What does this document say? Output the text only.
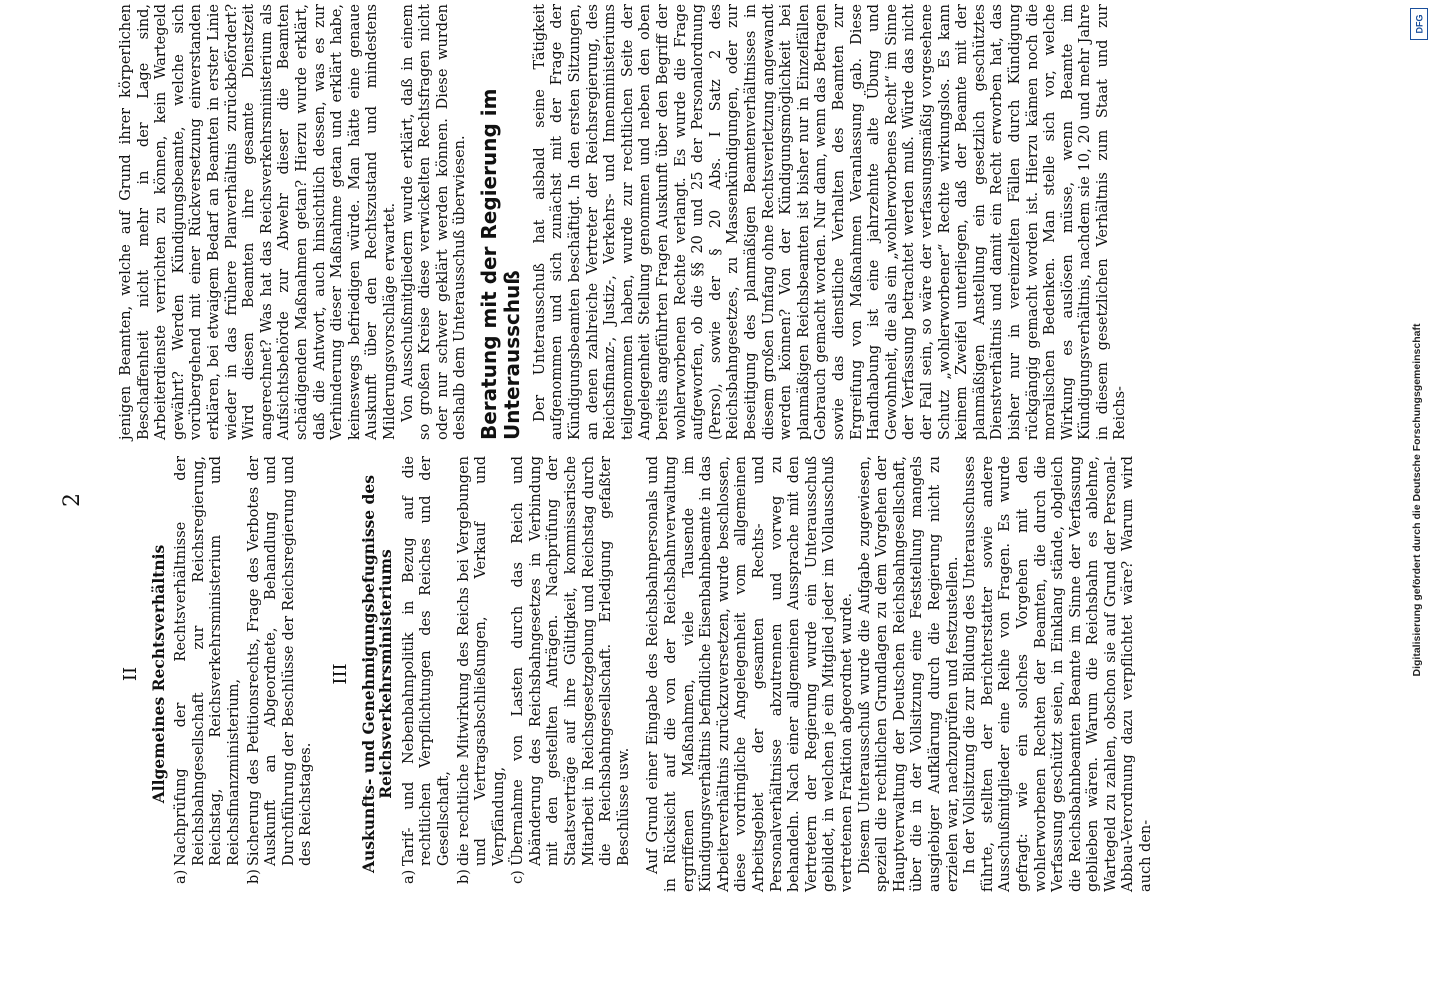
2
II Allgemeines Rechtsverhältnis
a)Nachprüfung der Rechtsverhältnisse der Reichsbahngesellschaft zur Reichsregierung, Reichstag, Reichsverkehrsministerium und Reichsfinanzministerium,
b)Sicherung des Petitionsrechts, Frage des Verbotes der Auskunft an Abgeordnete, Behandlung und Durchführung der Beschlüsse der Reichsregierung und des Reichstages.
III Auskunfts- und Genehmigungsbefugnisse des Reichsverkehrsministeriums
a)Tarif- und Nebenbahnpolitik in Bezug auf die rechtlichen Verpflichtungen des Reiches und der Gesellschaft,
b)die rechtliche Mitwirkung des Reichs bei Vergebungen und Vertragsabschließungen, Verkauf und Verpfändung,
c)Übernahme von Lasten durch das Reich und Abänderung des Reichsbahngesetzes in Verbindung mit den gestellten Anträgen. Nachprüfung der Staatsverträge auf ihre Gültigkeit, kommissarische Mitarbeit in Reichsgesetzgebung und Reichstag durch die Reichsbahngesellschaft. Erledigung gefaßter Beschlüsse usw. Auf Grund einer Eingabe des Reichsbahnpersonals und in Rücksicht auf die von der Reichsbahnverwaltung ergriffenen Maßnahmen, viele Tausende im Kündigungsverhältnis befindliche Eisenbahnbeamte in das Arbeiterverhältnis zurückzuversetzen, wurde beschlossen, diese vordringliche Angelegenheit vom allgemeinen Arbeitsgebiet der gesamten Rechts- und Personalverhältnisse abzutrennen und vorweg zu behandeln. Nach einer allgemeinen Aussprache mit den Vertretern der Regierung wurde ein Unterausschuß gebildet, in welchen je ein Mitglied jeder im Vollausschuß vertretenen Fraktion abgeordnet wurde. Diesem Unterausschuß wurde die Aufgabe zugewiesen, speziell die rechtlichen Grundlagen zu dem Vorgehen der Hauptverwaltung der Deutschen Reichsbahngesellschaft, über die in der Vollsitzung eine Feststellung mangels ausgiebiger Aufklärung durch die Regierung nicht zu erzielen war, nachzuprüfen und festzustellen. In der Vollsitzung die zur Bildung des Unterausschusses führte, stellten der Berichterstatter sowie andere Ausschußmitglieder eine Reihe von Fragen. Es wurde gefragt: wie ein solches Vorgehen mit den wohlerworbenen Rechten der Beamten, die durch die Verfassung geschützt seien, in Einklang stände, obgleich die Reichsbahnbeamten Beamte im Sinne der Verfassung geblieben wären. Warum die Reichsbahn es ablehne, Wartegeld zu zahlen, obschon sie auf Grund der Personal-Abbau-Verordnung dazu verpflichtet wäre? Warum wird auch den-

jenigen Beamten, welche auf Grund ihrer körperlichen Beschaffenheit nicht mehr in der Lage sind, Arbeiterdienste verrichten zu können, kein Wartegeld gewährt? Werden Kündigungsbeamte, welche sich vorübergehend mit einer Rückversetzung einverstanden erklären, bei etwaigem Bedarf an Beamten in erster Linie wieder in das frühere Planverhältnis zurückbefördert? Wird diesen Beamten ihre gesamte Dienstzeit angerechnet? Was hat das Reichsverkehrsministerium als Aufsichtsbehörde zur Abwehr dieser die Beamten schädigenden Maßnahmen getan? Hierzu wurde erklärt, daß die Antwort, auch hinsichtlich dessen, was es zur Verhinderung dieser Maßnahme getan und erklärt habe, keineswegs befriedigen würde. Man hätte eine genaue Auskunft über den Rechtszustand und mindestens Milderungsvorschläge erwartet. Von Ausschußmitgliedern wurde erklärt, daß in einem so großen Kreise diese verwickelten Rechtsfragen nicht oder nur schwer geklärt werden können. Diese wurden deshalb dem Unterausschuß überwiesen. Beratung mit der Regierung im Unterausschuß Der Unterausschuß hat alsbald seine Tätigkeit aufgenommen und sich zunächst mit der Frage der Kündigungsbeamten beschäftigt. In den ersten Sitzungen, an denen zahlreiche Vertreter der Reichsregierung, des Reichsfinanz-, Justiz-, Verkehrs- und Innenministeriums teilgenommen haben, wurde zur rechtlichen Seite der Angelegenheit Stellung genommen und neben den oben bereits angeführten Fragen Auskunft über den Begriff der wohlerworbenen Rechte verlangt. Es wurde die Frage aufgeworfen, ob die §§ 20 und 25 der Personalordnung (Perso), sowie der § 20 Abs. I Satz 2 des Reichsbahngesetzes, zu Massenkündigungen, oder zur Beseitigung des planmäßigen Beamtenverhältnisses in diesem großen Umfang ohne Rechtsverletzung angewandt werden können? Von der Kündigungsmöglichkeit bei planmäßigen Reichsbeamten ist bisher nur in Einzelfällen Gebrauch gemacht worden. Nur dann, wenn das Betragen sowie das dienstliche Verhalten des Beamten zur Ergreifung von Maßnahmen Veranlassung gab. Diese Handhabung ist eine jahrzehnte alte Übung und Gewohnheit, die als ein „wohlerworbenes Recht“ im Sinne der Verfassung betrachtet werden muß. Würde das nicht der Fall sein, so wäre der verfassungsmäßig vorgesehene Schutz „wohlerworbener“ Rechte wirkungslos. Es kann keinem Zweifel unterliegen, daß der Beamte mit der planmäßigen Anstellung ein gesetzlich geschütztes Dienstverhältnis und damit ein Recht erworben hat, das bisher nur in vereinzelten Fällen durch Kündigung rückgängig gemacht worden ist. Hierzu kämen noch die moralischen Bedenken. Man stelle sich vor, welche Wirkung es auslösen müsse, wenn Beamte im Kündigungsverhältnis, nachdem sie 10, 20 und mehr Jahre in diesem gesetzlichen Verhältnis zum Staat und zur Reichs-	Digitalisierung gefördert durch die Deutsche Forschungsgemeinschaft
DFG
